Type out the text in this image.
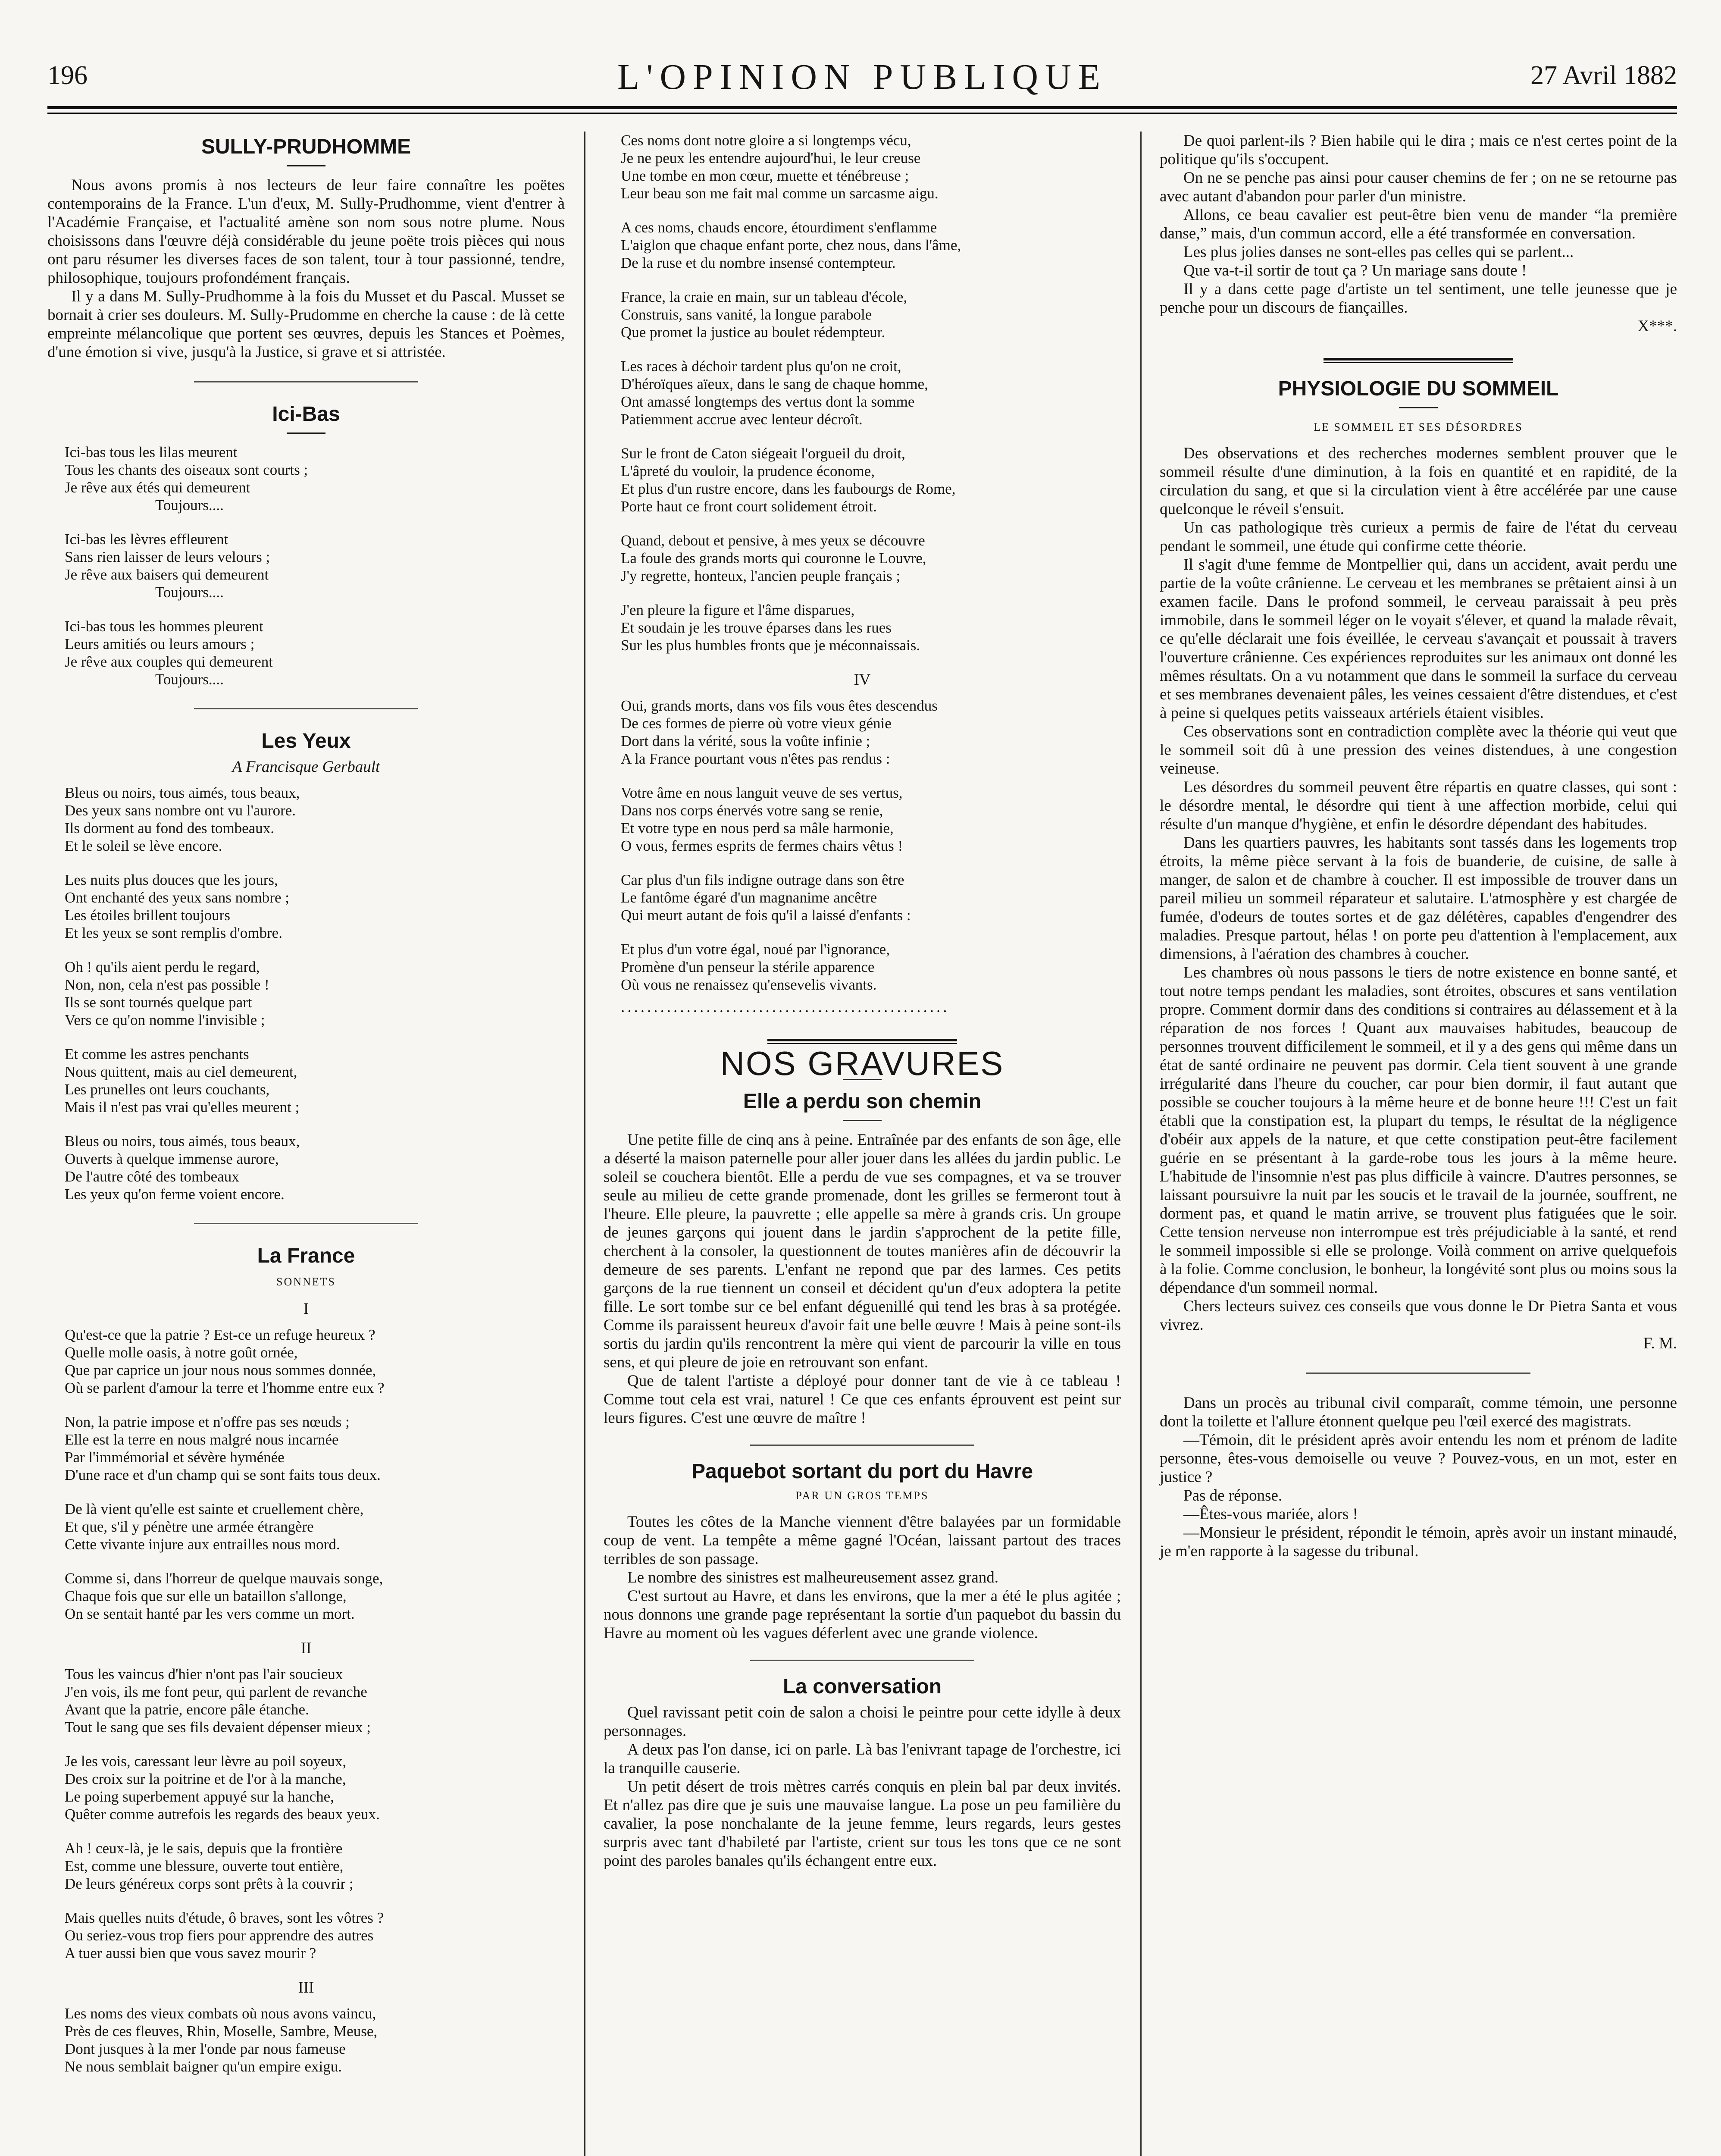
196	L'OPINION PUBLIQUE	27 Avril 1882
SULLY-PRUDHOMME

Nous avons promis à nos lecteurs de leur faire connaître les poëtes contemporains de la France. L'un d'eux, M. Sully-Prudhomme, vient d'entrer à l'Académie Française, et l'actualité amène son nom sous notre plume. Nous choisissons dans l'œuvre déjà considérable du jeune poëte trois pièces qui nous ont paru résumer les diverses faces de son talent, tour à tour passionné, tendre, philosophique, toujours profondément français.

Il y a dans M. Sully-Prudhomme à la fois du Musset et du Pascal. Musset se bornait à crier ses douleurs. M. Sully-Prudomme en cherche la cause : de là cette empreinte mélancolique que portent ses œuvres, depuis les Stances et Poèmes, d'une émotion si vive, jusqu'à la Justice, si grave et si attristée.

Ici-Bas
Ici-bas tous les lilas meurent
Tous les chants des oiseaux sont courts ;
Je rêve aux étés qui demeurent
Toujours....
Ici-bas les lèvres effleurent
Sans rien laisser de leurs velours ;
Je rêve aux baisers qui demeurent
Toujours....
Ici-bas tous les hommes pleurent
Leurs amitiés ou leurs amours ;
Je rêve aux couples qui demeurent
Toujours....
Les Yeux
A Francisque Gerbault
Bleus ou noirs, tous aimés, tous beaux,
Des yeux sans nombre ont vu l'aurore.
Ils dorment au fond des tombeaux.
Et le soleil se lève encore.
Les nuits plus douces que les jours,
Ont enchanté des yeux sans nombre ;
Les étoiles brillent toujours
Et les yeux se sont remplis d'ombre.
Oh ! qu'ils aient perdu le regard,
Non, non, cela n'est pas possible !
Ils se sont tournés quelque part
Vers ce qu'on nomme l'invisible ;
Et comme les astres penchants
Nous quittent, mais au ciel demeurent,
Les prunelles ont leurs couchants,
Mais il n'est pas vrai qu'elles meurent ;
Bleus ou noirs, tous aimés, tous beaux,
Ouverts à quelque immense aurore,
De l'autre côté des tombeaux
Les yeux qu'on ferme voient encore.
La France
SONNETS
I
Qu'est-ce que la patrie ? Est-ce un refuge heureux ?
Quelle molle oasis, à notre goût ornée,
Que par caprice un jour nous nous sommes donnée,
Où se parlent d'amour la terre et l'homme entre eux ?
Non, la patrie impose et n'offre pas ses nœuds ;
Elle est la terre en nous malgré nous incarnée
Par l'immémorial et sévère hyménée
D'une race et d'un champ qui se sont faits tous deux.
De là vient qu'elle est sainte et cruellement chère,
Et que, s'il y pénètre une armée étrangère
Cette vivante injure aux entrailles nous mord.
Comme si, dans l'horreur de quelque mauvais songe,
Chaque fois que sur elle un bataillon s'allonge,
On se sentait hanté par les vers comme un mort.
II
Tous les vaincus d'hier n'ont pas l'air soucieux
J'en vois, ils me font peur, qui parlent de revanche
Avant que la patrie, encore pâle étanche.
Tout le sang que ses fils devaient dépenser mieux ;
Je les vois, caressant leur lèvre au poil soyeux,
Des croix sur la poitrine et de l'or à la manche,
Le poing superbement appuyé sur la hanche,
Quêter comme autrefois les regards des beaux yeux.
Ah ! ceux-là, je le sais, depuis que la frontière
Est, comme une blessure, ouverte tout entière,
De leurs généreux corps sont prêts à la couvrir ;
Mais quelles nuits d'étude, ô braves, sont les vôtres ?
Ou seriez-vous trop fiers pour apprendre des autres
A tuer aussi bien que vous savez mourir ?
III
Les noms des vieux combats où nous avons vaincu,
Près de ces fleuves, Rhin, Moselle, Sambre, Meuse,
Dont jusques à la mer l'onde par nous fameuse
Ne nous semblait baigner qu'un empire exigu.
Ces noms dont notre gloire a si longtemps vécu,
Je ne peux les entendre aujourd'hui, le leur creuse
Une tombe en mon cœur, muette et ténébreuse ;
Leur beau son me fait mal comme un sarcasme aigu.
A ces noms, chauds encore, étourdiment s'enflamme
L'aiglon que chaque enfant porte, chez nous, dans l'âme,
De la ruse et du nombre insensé contempteur.
France, la craie en main, sur un tableau d'école,
Construis, sans vanité, la longue parabole
Que promet la justice au boulet rédempteur.
Les races à déchoir tardent plus qu'on ne croit,
D'héroïques aïeux, dans le sang de chaque homme,
Ont amassé longtemps des vertus dont la somme
Patiemment accrue avec lenteur décroît.
Sur le front de Caton siégeait l'orgueil du droit,
L'âpreté du vouloir, la prudence économe,
Et plus d'un rustre encore, dans les faubourgs de Rome,
Porte haut ce front court solidement étroit.
Quand, debout et pensive, à mes yeux se découvre
La foule des grands morts qui couronne le Louvre,
J'y regrette, honteux, l'ancien peuple français ;
J'en pleure la figure et l'âme disparues,
Et soudain je les trouve éparses dans les rues
Sur les plus humbles fronts que je méconnaissais.
IV
Oui, grands morts, dans vos fils vous êtes descendus
De ces formes de pierre où votre vieux génie
Dort dans la vérité, sous la voûte infinie ;
A la France pourtant vous n'êtes pas rendus :
Votre âme en nous languit veuve de ses vertus,
Dans nos corps énervés votre sang se renie,
Et votre type en nous perd sa mâle harmonie,
O vous, fermes esprits de fermes chairs vêtus !
Car plus d'un fils indigne outrage dans son être
Le fantôme égaré d'un magnanime ancêtre
Qui meurt autant de fois qu'il a laissé d'enfants :
Et plus d'un votre égal, noué par l'ignorance,
Promène d'un penseur la stérile apparence
Où vous ne renaissez qu'ensevelis vivants.
..................................................
NOS GRAVURES
Elle a perdu son chemin

Une petite fille de cinq ans à peine. Entraînée par des enfants de son âge, elle a déserté la maison paternelle pour aller jouer dans les allées du jardin public. Le soleil se couchera bientôt. Elle a perdu de vue ses compagnes, et va se trouver seule au milieu de cette grande promenade, dont les grilles se fermeront tout à l'heure. Elle pleure, la pauvrette ; elle appelle sa mère à grands cris. Un groupe de jeunes garçons qui jouent dans le jardin s'approchent de la petite fille, cherchent à la consoler, la questionnent de toutes manières afin de découvrir la demeure de ses parents. L'enfant ne repond que par des larmes. Ces petits garçons de la rue tiennent un conseil et décident qu'un d'eux adoptera la petite fille. Le sort tombe sur ce bel enfant déguenillé qui tend les bras à sa protégée. Comme ils paraissent heureux d'avoir fait une belle œuvre ! Mais à peine sont-ils sortis du jardin qu'ils rencontrent la mère qui vient de parcourir la ville en tous sens, et qui pleure de joie en retrouvant son enfant.

Que de talent l'artiste a déployé pour donner tant de vie à ce tableau ! Comme tout cela est vrai, naturel ! Ce que ces enfants éprouvent est peint sur leurs figures. C'est une œuvre de maître !

Paquebot sortant du port du Havre
PAR UN GROS TEMPS

Toutes les côtes de la Manche viennent d'être balayées par un formidable coup de vent. La tempête a même gagné l'Océan, laissant partout des traces terribles de son passage.

Le nombre des sinistres est malheureusement assez grand.

C'est surtout au Havre, et dans les environs, que la mer a été le plus agitée ; nous donnons une grande page représentant la sortie d'un paquebot du bassin du Havre au moment où les vagues déferlent avec une grande violence.

La conversation

Quel ravissant petit coin de salon a choisi le peintre pour cette idylle à deux personnages.

A deux pas l'on danse, ici on parle. Là bas l'enivrant tapage de l'orchestre, ici la tranquille causerie.

Un petit désert de trois mètres carrés conquis en plein bal par deux invités. Et n'allez pas dire que je suis une mauvaise langue. La pose un peu familière du cavalier, la pose nonchalante de la jeune femme, leurs regards, leurs gestes surpris avec tant d'habileté par l'artiste, crient sur tous les tons que ce ne sont point des paroles banales qu'ils échangent entre eux.

De quoi parlent-ils ? Bien habile qui le dira ; mais ce n'est certes point de la politique qu'ils s'occupent.

On ne se penche pas ainsi pour causer chemins de fer ; on ne se retourne pas avec autant d'abandon pour parler d'un ministre.

Allons, ce beau cavalier est peut-être bien venu de mander “la première danse,” mais, d'un commun accord, elle a été transformée en conversation.

Les plus jolies danses ne sont-elles pas celles qui se parlent...

Que va-t-il sortir de tout ça ? Un mariage sans doute !

Il y a dans cette page d'artiste un tel sentiment, une telle jeunesse que je penche pour un discours de fiançailles.

X***.

PHYSIOLOGIE DU SOMMEIL
LE SOMMEIL ET SES DÉSORDRES

Des observations et des recherches modernes semblent prouver que le sommeil résulte d'une diminution, à la fois en quantité et en rapidité, de la circulation du sang, et que si la circulation vient à être accélérée par une cause quelconque le réveil s'ensuit.

Un cas pathologique très curieux a permis de faire de l'état du cerveau pendant le sommeil, une étude qui confirme cette théorie.

Il s'agit d'une femme de Montpellier qui, dans un accident, avait perdu une partie de la voûte crânienne. Le cerveau et les membranes se prêtaient ainsi à un examen facile. Dans le profond sommeil, le cerveau paraissait à peu près immobile, dans le sommeil léger on le voyait s'élever, et quand la malade rêvait, ce qu'elle déclarait une fois éveillée, le cerveau s'avançait et poussait à travers l'ouverture crânienne. Ces expériences reproduites sur les animaux ont donné les mêmes résultats. On a vu notamment que dans le sommeil la surface du cerveau et ses membranes devenaient pâles, les veines cessaient d'être distendues, et c'est à peine si quelques petits vaisseaux artériels étaient visibles.

Ces observations sont en contradiction complète avec la théorie qui veut que le sommeil soit dû à une pression des veines distendues, à une congestion veineuse.

Les désordres du sommeil peuvent être répartis en quatre classes, qui sont : le désordre mental, le désordre qui tient à une affection morbide, celui qui résulte d'un manque d'hygiène, et enfin le désordre dépendant des habitudes.

Dans les quartiers pauvres, les habitants sont tassés dans les logements trop étroits, la même pièce servant à la fois de buanderie, de cuisine, de salle à manger, de salon et de chambre à coucher. Il est impossible de trouver dans un pareil milieu un sommeil réparateur et salutaire. L'atmosphère y est chargée de fumée, d'odeurs de toutes sortes et de gaz délétères, capables d'engendrer des maladies. Presque partout, hélas ! on porte peu d'attention à l'emplacement, aux dimensions, à l'aération des chambres à coucher.

Les chambres où nous passons le tiers de notre existence en bonne santé, et tout notre temps pendant les maladies, sont étroites, obscures et sans ventilation propre. Comment dormir dans des conditions si contraires au délassement et à la réparation de nos forces ! Quant aux mauvaises habitudes, beaucoup de personnes trouvent difficilement le sommeil, et il y a des gens qui même dans un état de santé ordinaire ne peuvent pas dormir. Cela tient souvent à une grande irrégularité dans l'heure du coucher, car pour bien dormir, il faut autant que possible se coucher toujours à la même heure et de bonne heure !!! C'est un fait établi que la constipation est, la plupart du temps, le résultat de la négligence d'obéir aux appels de la nature, et que cette constipation peut-être facilement guérie en se présentant à la garde-robe tous les jours à la même heure. L'habitude de l'insomnie n'est pas plus difficile à vaincre. D'autres personnes, se laissant poursuivre la nuit par les soucis et le travail de la journée, souffrent, ne dorment pas, et quand le matin arrive, se trouvent plus fatiguées que le soir. Cette tension nerveuse non interrompue est très préjudiciable à la santé, et rend le sommeil impossible si elle se prolonge. Voilà comment on arrive quelquefois à la folie. Comme conclusion, le bonheur, la longévité sont plus ou moins sous la dépendance d'un sommeil normal.

Chers lecteurs suivez ces conseils que vous donne le Dr Pietra Santa et vous vivrez.

F. M.

Dans un procès au tribunal civil comparaît, comme témoin, une personne dont la toilette et l'allure étonnent quelque peu l'œil exercé des magistrats.

—Témoin, dit le président après avoir entendu les nom et prénom de ladite personne, êtes-vous demoiselle ou veuve ? Pouvez-vous, en un mot, ester en justice ?

Pas de réponse.

—Êtes-vous mariée, alors !

—Monsieur le président, répondit le témoin, après avoir un instant minaudé, je m'en rapporte à la sagesse du tribunal.
